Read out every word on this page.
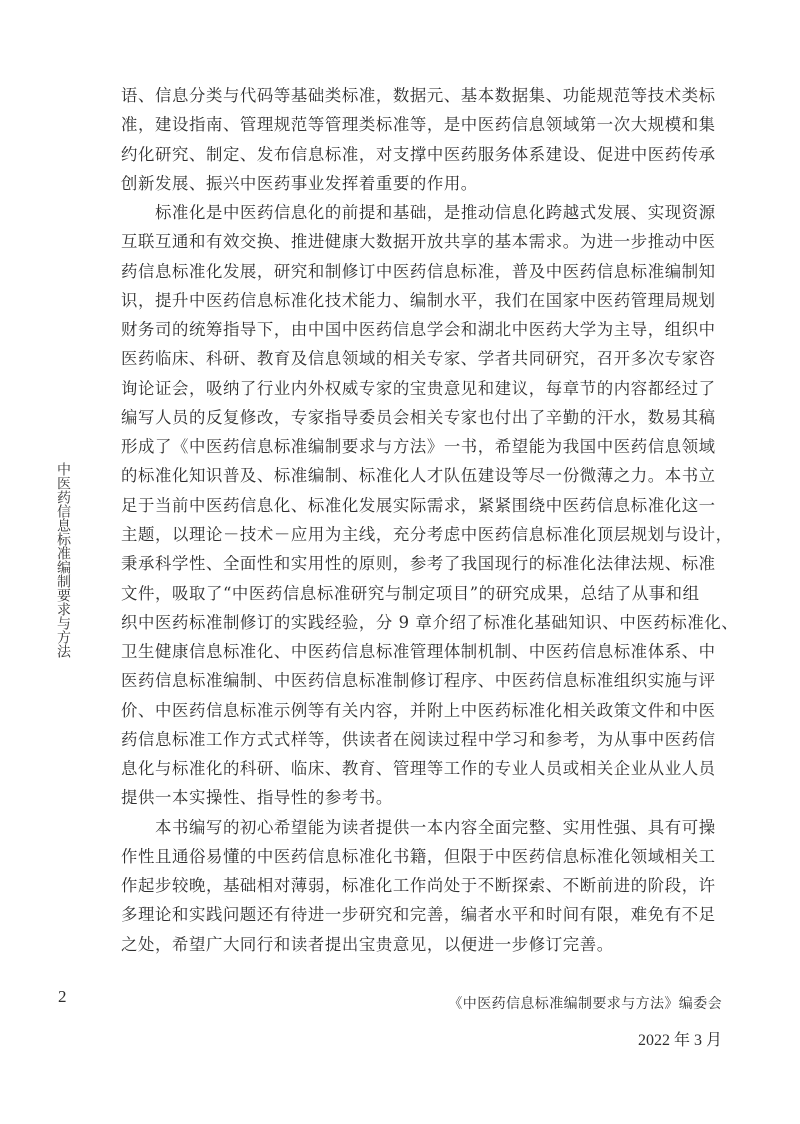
中医药信息标准编制要求与方法
语、信息分类与代码等基础类标准，数据元、基本数据集、功能规范等技术类标
准，建设指南、管理规范等管理类标准等，是中医药信息领域第一次大规模和集
约化研究、制定、发布信息标准，对支撑中医药服务体系建设、促进中医药传承
创新发展、振兴中医药事业发挥着重要的作用。
标准化是中医药信息化的前提和基础，是推动信息化跨越式发展、实现资源
互联互通和有效交换、推进健康大数据开放共享的基本需求。为进一步推动中医
药信息标准化发展，研究和制修订中医药信息标准，普及中医药信息标准编制知
识，提升中医药信息标准化技术能力、编制水平，我们在国家中医药管理局规划
财务司的统筹指导下，由中国中医药信息学会和湖北中医药大学为主导，组织中
医药临床、科研、教育及信息领域的相关专家、学者共同研究，召开多次专家咨
询论证会，吸纳了行业内外权威专家的宝贵意见和建议，每章节的内容都经过了
编写人员的反复修改，专家指导委员会相关专家也付出了辛勤的汗水，数易其稿
形成了《中医药信息标准编制要求与方法》一书，希望能为我国中医药信息领域
的标准化知识普及、标准编制、标准化人才队伍建设等尽一份微薄之力。本书立
足于当前中医药信息化、标准化发展实际需求，紧紧围绕中医药信息标准化这一
主题，以理论－技术－应用为主线，充分考虑中医药信息标准化顶层规划与设计，
秉承科学性、全面性和实用性的原则，参考了我国现行的标准化法律法规、标准
文件，吸取了“中医药信息标准研究与制定项目”的研究成果，总结了从事和组
织中医药标准制修订的实践经验，分 9 章介绍了标准化基础知识、中医药标准化、
卫生健康信息标准化、中医药信息标准管理体制机制、中医药信息标准体系、中
医药信息标准编制、中医药信息标准制修订程序、中医药信息标准组织实施与评
价、中医药信息标准示例等有关内容，并附上中医药标准化相关政策文件和中医
药信息标准工作方式式样等，供读者在阅读过程中学习和参考，为从事中医药信
息化与标准化的科研、临床、教育、管理等工作的专业人员或相关企业从业人员
提供一本实操性、指导性的参考书。
本书编写的初心希望能为读者提供一本内容全面完整、实用性强、具有可操
作性且通俗易懂的中医药信息标准化书籍，但限于中医药信息标准化领域相关工
作起步较晚，基础相对薄弱，标准化工作尚处于不断探索、不断前进的阶段，许
多理论和实践问题还有待进一步研究和完善，编者水平和时间有限，难免有不足
之处，希望广大同行和读者提出宝贵意见，以便进一步修订完善。
2	《中医药信息标准编制要求与方法》编委会
2022 年 3 月
